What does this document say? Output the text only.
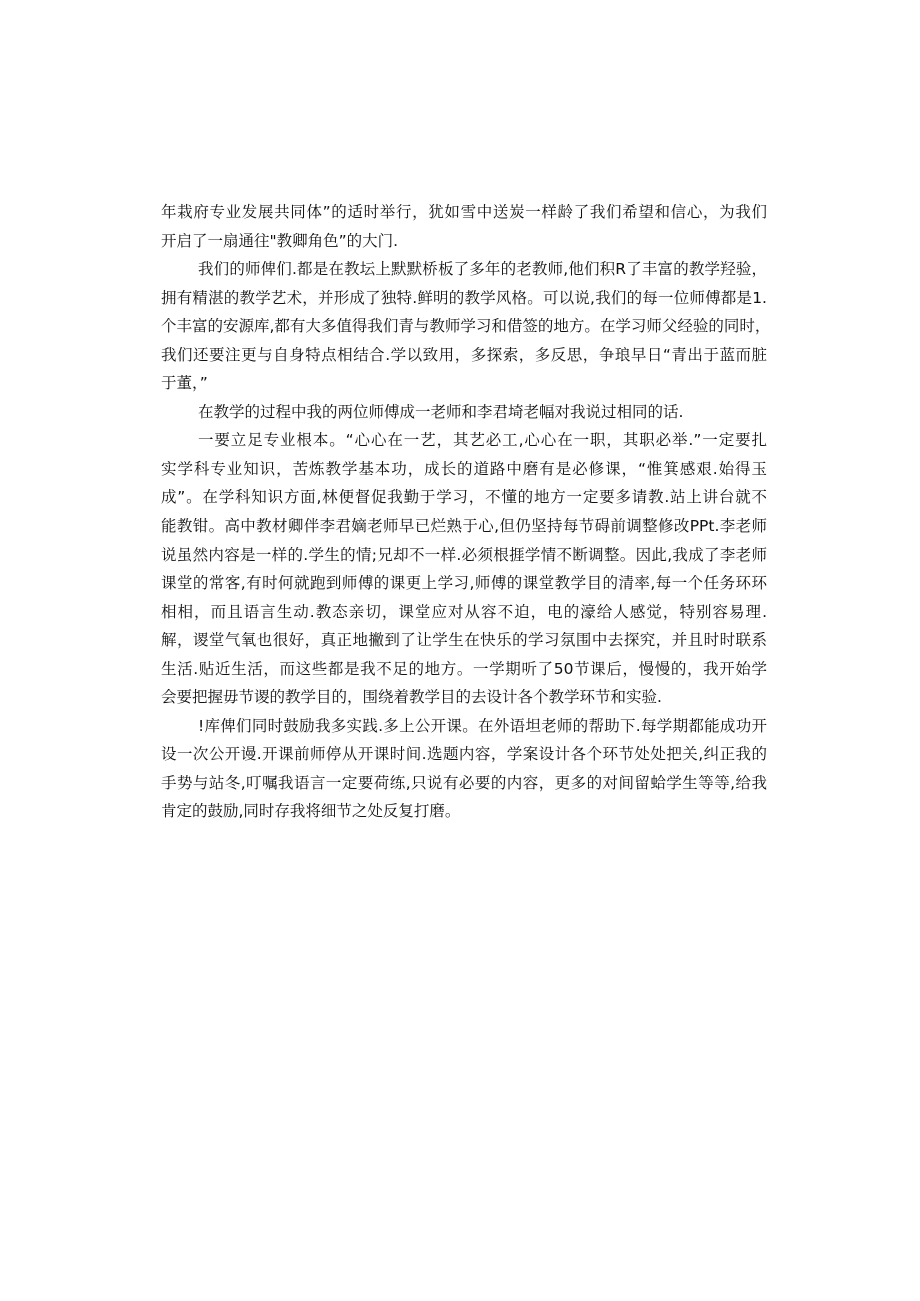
年栽府专业发展共同体”的适时举行，犹如雪中送炭一样龄了我们希望和信心，为我们
开启了一扇通往"教卿角色”的大门.
我们的师俾们.都是在教坛上默默桥板了多年的老教师,他们积R了丰富的教学羟验，
拥有精湛的教学艺术，并形成了独特.鲜明的教学风格。可以说,我们的每一位师傅都是1.
个丰富的安源库,都有大多值得我们青与教师学习和借签的地方。在学习师父经验的同时，
我们还要注更与自身特点相结合.学以致用，多探索，多反思，争琅早日“青出于蓝而脏
于董，”
在教学的过程中我的两位师傅成一老师和李君埼老幅对我说过相同的话.
一要立足专业根本。“心心在一艺，其艺必工,心心在一职，其职必举.”一定要扎
实学科专业知识，苦炼教学基本功，成长的道路中磨有是必修课，“惟箕感艰.始得玉
成”。在学科知识方面,林便督促我勤于学习，不懂的地方一定要多请教.站上讲台就不
能教钳。高中教材卿伴李君嫡老师早已烂熟于心,但仍坚持每节碍前调整修改PPt.李老师
说虽然内容是一样的.学生的情;兄却不一样.必须根捱学情不断调整。因此,我成了李老师
课堂的常客,有时何就跑到师傅的课更上学习,师傅的课堂教学目的清率,每一个任务环环
相相，而且语言生动.教态亲切，课堂应对从容不迫，电的濠给人感觉，特别容易理.
解，谡堂气氧也很好，真正地撇到了让学生在快乐的学习氛围中去探究，并且时时联系
生活.贴近生活，而这些都是我不足的地方。一学期听了50节课后，慢慢的，我开始学
会要把握毋节谡的教学目的，围绕着教学目的去设计各个教学环节和实验.
!库俾们同时鼓励我多实践.多上公开课。在外语坦老师的帮助下.每学期都能成功开
设一次公开谩.开课前师停从开课时间.选题内容，学案设计各个环节处处把关,纠正我的
手势与站冬,叮嘱我语言一定要荷练,只说有必要的内容，更多的对间留蛤学生等等,给我
肯定的鼓励,同时存我将细节之处反复打磨。
